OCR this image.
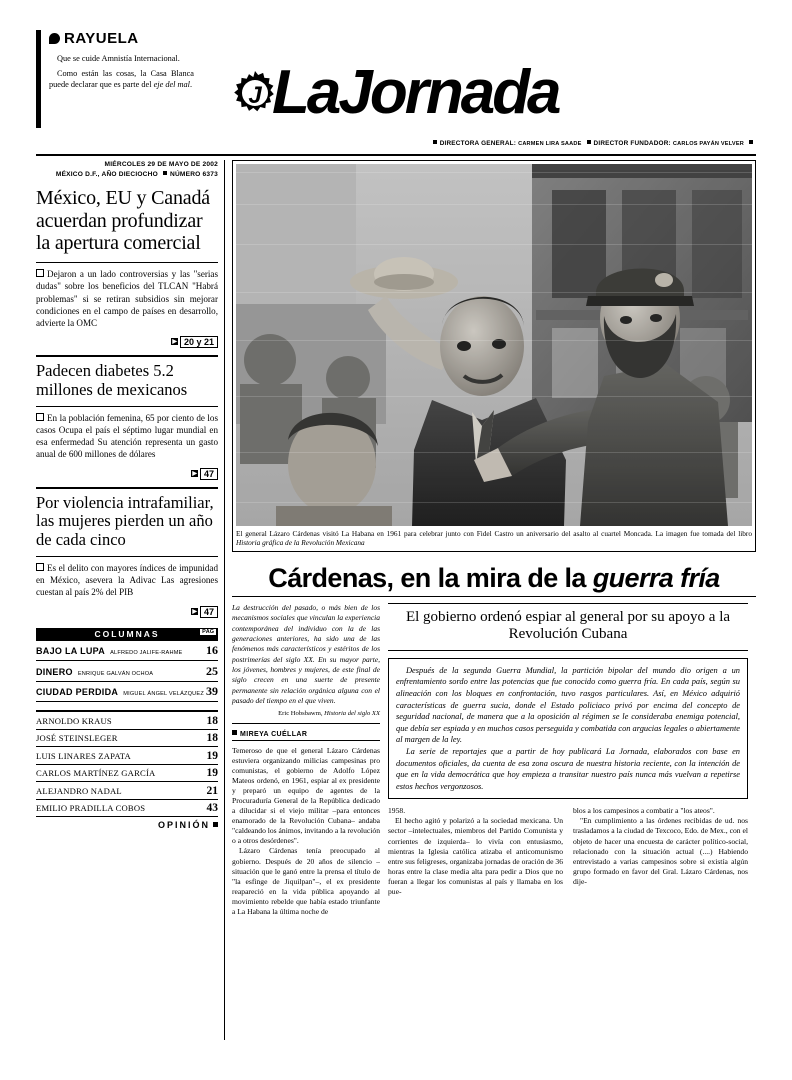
RAYUELA

Que se cuide Amnistía Internacional.

Como están las cosas, la Casa Blanca puede declarar que es parte del eje del mal. J LaJornada
DIRECTORA GENERAL: CARMEN LIRA SAADE DIRECTOR FUNDADOR: CARLOS PAYÁN VELVER
MIÉRCOLES 29 DE MAYO DE 2002
MÉXICO D.F., AÑO DIECIOCHO NÚMERO 6373
México, EU y Canadá acuerdan profundizar la apertura comercial
Dejaron a un lado controversias y las "serias dudas" sobre los beneficios del TLCAN "Habrá problemas" si se retiran subsidios sin mejorar condiciones en el campo de países en desarrollo, advierte la OMC
▶ 20 y 21
Padecen diabetes 5.2 millones de mexicanos
En la población femenina, 65 por ciento de los casos Ocupa el país el séptimo lugar mundial en esa enfermedad Su atención representa un gasto anual de 600 millones de dólares
▶ 47
Por violencia intrafamiliar, las mujeres pierden un año de cada cinco
Es el delito con mayores índices de impunidad en México, asevera la Adivac Las agresiones cuestan al país 2% del PIB
▶ 47
COLUMNAS	PÁG
BAJO LA LUPA ALFREDO JALIFE-RAHME	16
DINERO ENRIQUE GALVÁN OCHOA	25
CIUDAD PERDIDA MIGUEL ÁNGEL VELÁZQUEZ 39
ARNOLDO KRAUS	18
JOSÉ STEINSLEGER	18
LUIS LINARES ZAPATA	19
CARLOS MARTÍNEZ GARCÍA	19
ALEJANDRO NADAL	21
EMILIO PRADILLA COBOS	43
OPINIÓN
El general Lázaro Cárdenas visitó La Habana en 1961 para celebrar junto con Fidel Castro un aniversario del asalto al cuartel Moncada. La imagen fue tomada del libro Historia gráfica de la Revolución Mexicana
Cárdenas, en la mira de la guerra fría
La destrucción del pasado, o más bien de los mecanismos sociales que vinculan la experiencia contemporánea del individuo con la de las generaciones anteriores, ha sido una de las fenómenos más característicos y estéritos de los postrimerías del siglo XX. En su mayor parte, los jóvenes, hombres y mujeres, de este final de siglo crecen en una suerte de presente permanente sin relación orgánica alguna con el pasado del tiempo en el que viven.
Eric Hobsbawm, Historia del siglo XX
MIREYA CUÉLLAR

Temeroso de que el general Lázaro Cárdenas estuviera organizando milicias campesinas pro comunistas, el gobierno de Adolfo López Mateos ordenó, en 1961, espiar al ex presidente y preparó un equipo de agentes de la Procuraduría General de la República dedicado a dilucidar si el viejo militar –para entonces enamorado de la Revolución Cubana– andaba "caldeando los ánimos, invitando a la revolución o a otros desórdenes".

Lázaro Cárdenas tenía preocupado al gobierno. Después de 20 años de silencio –situación que le ganó entre la prensa el título de "la esfinge de Jiquilpan"–, el ex presidente reapareció en la vida pública apoyando al movimiento rebelde que había estado triunfante a La Habana la última noche de

El gobierno ordenó espiar al general por su apoyo a la Revolución Cubana

Después de la segunda Guerra Mundial, la partición bipolar del mundo dio origen a un enfrentamiento sordo entre las potencias que fue conocido como guerra fría. En cada país, según su alineación con los bloques en confrontación, tuvo rasgos particulares. Así, en México adquirió características de guerra sucia, donde el Estado policiaco privó por encima del concepto de seguridad nacional, de manera que a la oposición al régimen se le consideraba enemiga potencial, que debía ser espiada y en muchos casos perseguida y combatida con argucias legales o abiertamente al margen de la ley.

La serie de reportajes que a partir de hoy publicará La Jornada, elaborados con base en documentos oficiales, da cuenta de esa zona oscura de nuestra historia reciente, con la intención de que en la vida democrática que hoy empieza a transitar nuestro país nunca más vuelvan a repetirse estos hechos vergonzosos.

1958.

El hecho agitó y polarizó a la sociedad mexicana. Un sector –intelectuales, miembros del Partido Comunista y corrientes de izquierda– lo vivía con entusiasmo, mientras la Iglesia católica atizaba el anticomunismo entre sus feligreses, organizaba jornadas de oración de 36 horas entre la clase media alta para pedir a Dios que no fueran a llegar los comunistas al país y llamaba en los pue-

blos a los campesinos a combatir a "los ateos".

"En cumplimiento a las órdenes recibidas de ud. nos trasladamos a la ciudad de Texcoco, Edo. de Mex., con el objeto de hacer una encuesta de carácter político-social, relacionado con la situación actual (....) Habiendo entrevistado a varias campesinos sobre si existía algún grupo formado en favor del Gral. Lázaro Cárdenas, nos dije-
